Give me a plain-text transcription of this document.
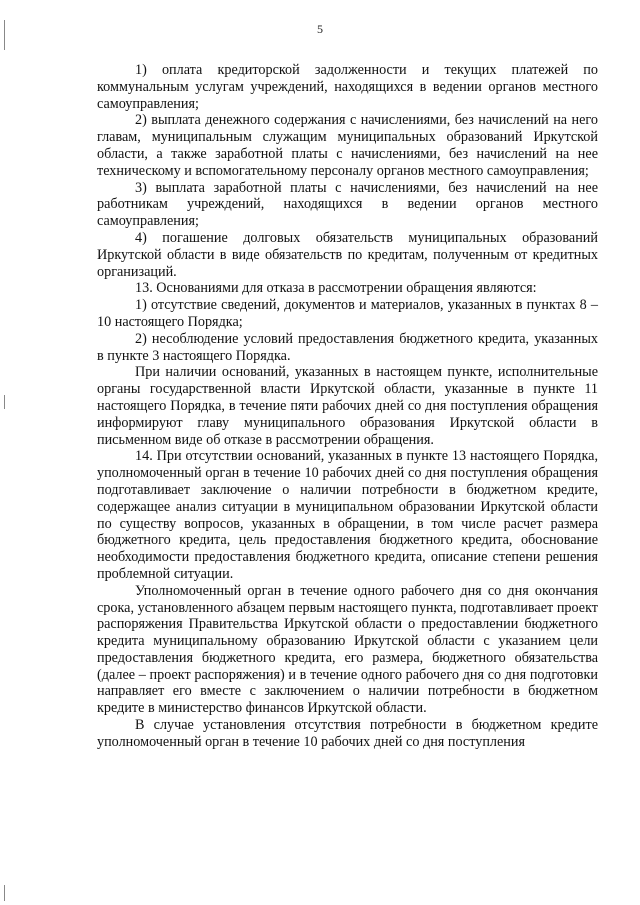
5

1) оплата кредиторской задолженности и текущих платежей по коммунальным услугам учреждений, находящихся в ведении органов местного самоуправления;

2) выплата денежного содержания с начислениями, без начислений на него главам, муниципальным служащим муниципальных образований Иркутской области, а также заработной платы с начислениями, без начислений на нее техническому и вспомогательному персоналу органов местного самоуправления;

3) выплата заработной платы с начислениями, без начислений на нее работникам учреждений, находящихся в ведении органов местного самоуправления;

4) погашение долговых обязательств муниципальных образований Иркутской области в виде обязательств по кредитам, полученным от кредитных организаций.

13. Основаниями для отказа в рассмотрении обращения являются:

1) отсутствие сведений, документов и материалов, указанных в пунктах 8 – 10 настоящего Порядка;

2) несоблюдение условий предоставления бюджетного кредита, указанных в пункте 3 настоящего Порядка.

При наличии оснований, указанных в настоящем пункте, исполнительные органы государственной власти Иркутской области, указанные в пункте 11 настоящего Порядка, в течение пяти рабочих дней со дня поступления обращения информируют главу муниципального образования Иркутской области в письменном виде об отказе в рассмотрении обращения.

14. При отсутствии оснований, указанных в пункте 13 настоящего Порядка, уполномоченный орган в течение 10 рабочих дней со дня поступления обращения подготавливает заключение о наличии потребности в бюджетном кредите, содержащее анализ ситуации в муниципальном образовании Иркутской области по существу вопросов, указанных в обращении, в том числе расчет размера бюджетного кредита, цель предоставления бюджетного кредита, обоснование необходимости предоставления бюджетного кредита, описание степени решения проблемной ситуации.

Уполномоченный орган в течение одного рабочего дня со дня окончания срока, установленного абзацем первым настоящего пункта, подготавливает проект распоряжения Правительства Иркутской области о предоставлении бюджетного кредита муниципальному образованию Иркутской области с указанием цели предоставления бюджетного кредита, его размера, бюджетного обязательства (далее – проект распоряжения) и в течение одного рабочего дня со дня подготовки направляет его вместе с заключением о наличии потребности в бюджетном кредите в министерство финансов Иркутской области.

В случае установления отсутствия потребности в бюджетном кредите уполномоченный орган в течение 10 рабочих дней со дня поступления
